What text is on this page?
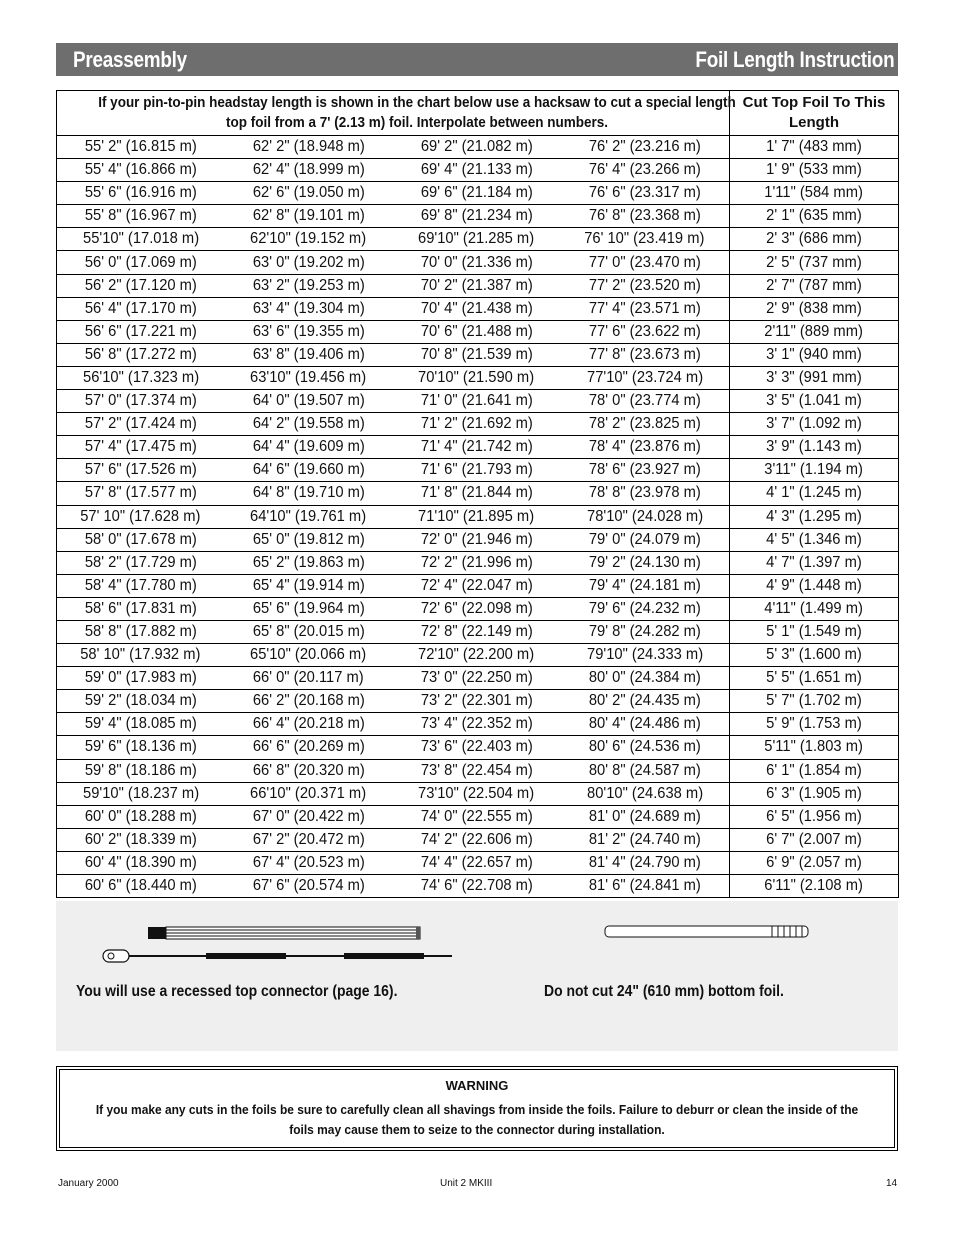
Preassembly	Foil Length Instruction
If your pin-to-pin headstay length is shown in the chart below use a hacksaw to cut a special length top foil from a 7' (2.13 m) foil. Interpolate between numbers.				Cut Top Foil To This Length
55' 2" (16.815 m)	62' 2" (18.948 m)	69' 2" (21.082 m)	76' 2" (23.216 m)	1' 7" (483 mm)
55' 4" (16.866 m)	62' 4" (18.999 m)	69' 4" (21.133 m)	76' 4" (23.266 m)	1' 9" (533 mm)
55' 6" (16.916 m)	62' 6" (19.050 m)	69' 6" (21.184 m)	76' 6" (23.317 m)	1'11" (584 mm)
55' 8" (16.967 m)	62' 8" (19.101 m)	69' 8" (21.234 m)	76' 8" (23.368 m)	2' 1" (635 mm)
55'10" (17.018 m)	62'10" (19.152 m)	69'10" (21.285 m)	76' 10" (23.419 m)	2' 3" (686 mm)
56' 0" (17.069 m)	63' 0" (19.202 m)	70' 0" (21.336 m)	77' 0" (23.470 m)	2' 5" (737 mm)
56' 2" (17.120 m)	63' 2" (19.253 m)	70' 2" (21.387 m)	77' 2" (23.520 m)	2' 7" (787 mm)
56' 4" (17.170 m)	63' 4" (19.304 m)	70' 4" (21.438 m)	77' 4" (23.571 m)	2' 9" (838 mm)
56' 6" (17.221 m)	63' 6" (19.355 m)	70' 6" (21.488 m)	77' 6" (23.622 m)	2'11" (889 mm)
56' 8" (17.272 m)	63' 8" (19.406 m)	70' 8" (21.539 m)	77' 8" (23.673 m)	3' 1" (940 mm)
56'10" (17.323 m)	63'10" (19.456 m)	70'10" (21.590 m)	77'10" (23.724 m)	3' 3" (991 mm)
57' 0" (17.374 m)	64' 0" (19.507 m)	71' 0" (21.641 m)	78' 0" (23.774 m)	3' 5" (1.041 m)
57' 2" (17.424 m)	64' 2" (19.558 m)	71' 2" (21.692 m)	78' 2" (23.825 m)	3' 7" (1.092 m)
57' 4" (17.475 m)	64' 4" (19.609 m)	71' 4" (21.742 m)	78' 4" (23.876 m)	3' 9" (1.143 m)
57' 6" (17.526 m)	64' 6" (19.660 m)	71' 6" (21.793 m)	78' 6" (23.927 m)	3'11" (1.194 m)
57' 8" (17.577 m)	64' 8" (19.710 m)	71' 8" (21.844 m)	78' 8" (23.978 m)	4' 1" (1.245 m)
57' 10" (17.628 m)	64'10" (19.761 m)	71'10" (21.895 m)	78'10" (24.028 m)	4' 3" (1.295 m)
58' 0" (17.678 m)	65' 0" (19.812 m)	72' 0" (21.946 m)	79' 0" (24.079 m)	4' 5" (1.346 m)
58' 2" (17.729 m)	65' 2" (19.863 m)	72' 2" (21.996 m)	79' 2" (24.130 m)	4' 7" (1.397 m)
58' 4" (17.780 m)	65' 4" (19.914 m)	72' 4" (22.047 m)	79' 4" (24.181 m)	4' 9" (1.448 m)
58' 6" (17.831 m)	65' 6" (19.964 m)	72' 6" (22.098 m)	79' 6" (24.232 m)	4'11" (1.499 m)
58' 8" (17.882 m)	65' 8" (20.015 m)	72' 8" (22.149 m)	79' 8" (24.282 m)	5' 1" (1.549 m)
58' 10" (17.932 m)	65'10" (20.066 m)	72'10" (22.200 m)	79'10" (24.333 m)	5' 3" (1.600 m)
59' 0" (17.983 m)	66' 0" (20.117 m)	73' 0" (22.250 m)	80' 0" (24.384 m)	5' 5" (1.651 m)
59' 2" (18.034 m)	66' 2" (20.168 m)	73' 2" (22.301 m)	80' 2" (24.435 m)	5' 7" (1.702 m)
59' 4" (18.085 m)	66' 4" (20.218 m)	73' 4" (22.352 m)	80' 4" (24.486 m)	5' 9" (1.753 m)
59' 6" (18.136 m)	66' 6" (20.269 m)	73' 6" (22.403 m)	80' 6" (24.536 m)	5'11" (1.803 m)
59' 8" (18.186 m)	66' 8" (20.320 m)	73' 8" (22.454 m)	80' 8" (24.587 m)	6' 1" (1.854 m)
59'10" (18.237 m)	66'10" (20.371 m)	73'10" (22.504 m)	80'10" (24.638 m)	6' 3" (1.905 m)
60' 0" (18.288 m)	67' 0" (20.422 m)	74' 0" (22.555 m)	81' 0" (24.689 m)	6' 5" (1.956 m)
60' 2" (18.339 m)	67' 2" (20.472 m)	74' 2" (22.606 m)	81' 2" (24.740 m)	6' 7" (2.007 m)
60' 4" (18.390 m)	67' 4" (20.523 m)	74' 4" (22.657 m)	81' 4" (24.790 m)	6' 9" (2.057 m)
60' 6" (18.440 m)	67' 6" (20.574 m)	74' 6" (22.708 m)	81' 6" (24.841 m)	6'11" (2.108 m)
You will use a recessed top connector (page 16).	Do not cut 24" (610 mm) bottom foil.
WARNING
If you make any cuts in the foils be sure to carefully clean all shavings from inside the foils. Failure to deburr or clean the inside of the foils may cause them to seize to the connector during installation.
January 2000	Unit 2 MKIII	14
